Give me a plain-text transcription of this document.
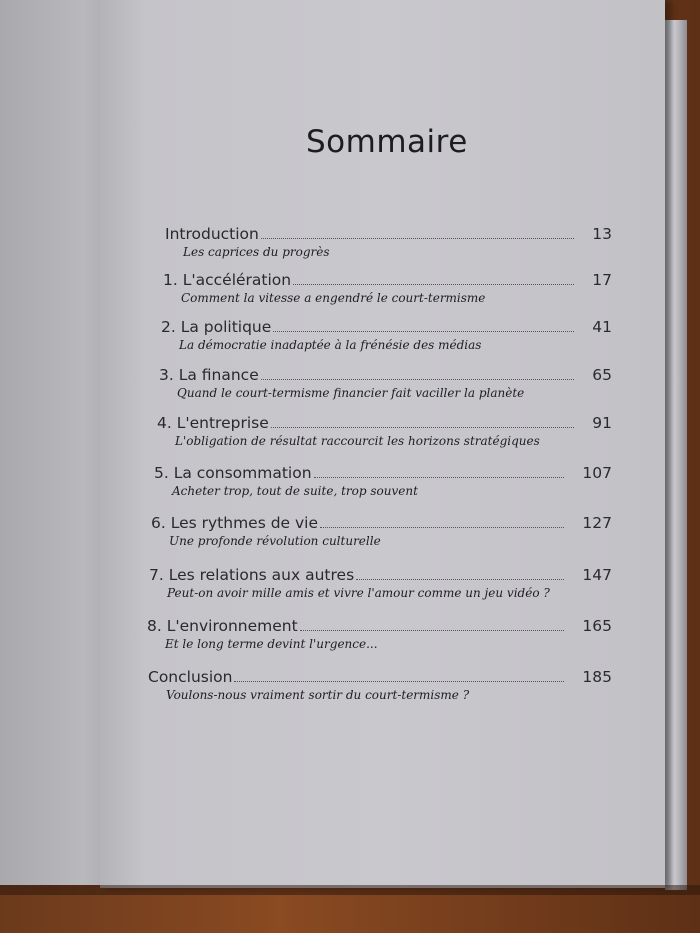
Sommaire
Introduction	13
Les caprices du progrès
1. L'accélération	17
Comment la vitesse a engendré le court-termisme
2. La politique	41
La démocratie inadaptée à la frénésie des médias
3. La finance	65
Quand le court-termisme financier fait vaciller la planète
4. L'entreprise	91
L'obligation de résultat raccourcit les horizons stratégiques
5. La consommation	107
Acheter trop, tout de suite, trop souvent
6. Les rythmes de vie	127
Une profonde révolution culturelle
7. Les relations aux autres	147
Peut-on avoir mille amis et vivre l'amour comme un jeu vidéo ?
8. L'environnement	165
Et le long terme devint l'urgence...
Conclusion	185
Voulons-nous vraiment sortir du court-termisme ?
